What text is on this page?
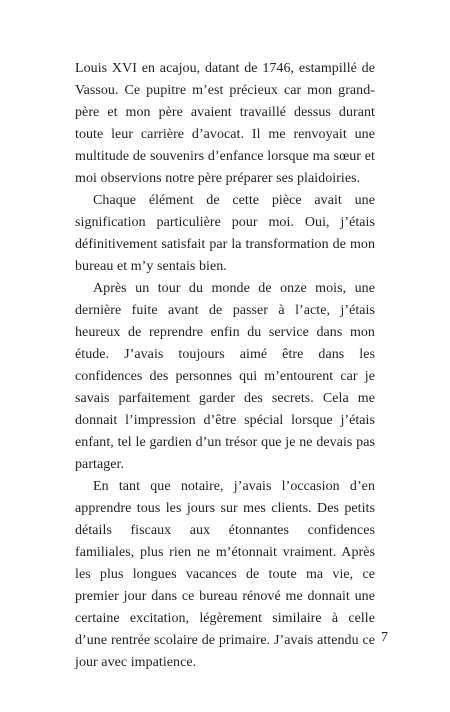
Louis XVI en acajou, datant de 1746, estampillé de Vassou. Ce pupitre m’est précieux car mon grand-père et mon père avaient travaillé dessus durant toute leur carrière d’avocat. Il me renvoyait une multitude de souvenirs d’enfance lorsque ma sœur et moi observions notre père préparer ses plaidoiries.

Chaque élément de cette pièce avait une signification particulière pour moi. Oui, j’étais définitivement satisfait par la transformation de mon bureau et m’y sentais bien.

Après un tour du monde de onze mois, une dernière fuite avant de passer à l’acte, j’étais heureux de reprendre enfin du service dans mon étude. J’avais toujours aimé être dans les confidences des personnes qui m’entourent car je savais parfaitement garder des secrets. Cela me donnait l’impression d’être spécial lorsque j’étais enfant, tel le gardien d’un trésor que je ne devais pas partager.

En tant que notaire, j’avais l’occasion d’en apprendre tous les jours sur mes clients. Des petits détails fiscaux aux étonnantes confidences familiales, plus rien ne m’étonnait vraiment. Après les plus longues vacances de toute ma vie, ce premier jour dans ce bureau rénové me donnait une certaine excitation, légèrement similaire à celle d’une rentrée scolaire de primaire. J’avais attendu ce jour avec impatience.

7
